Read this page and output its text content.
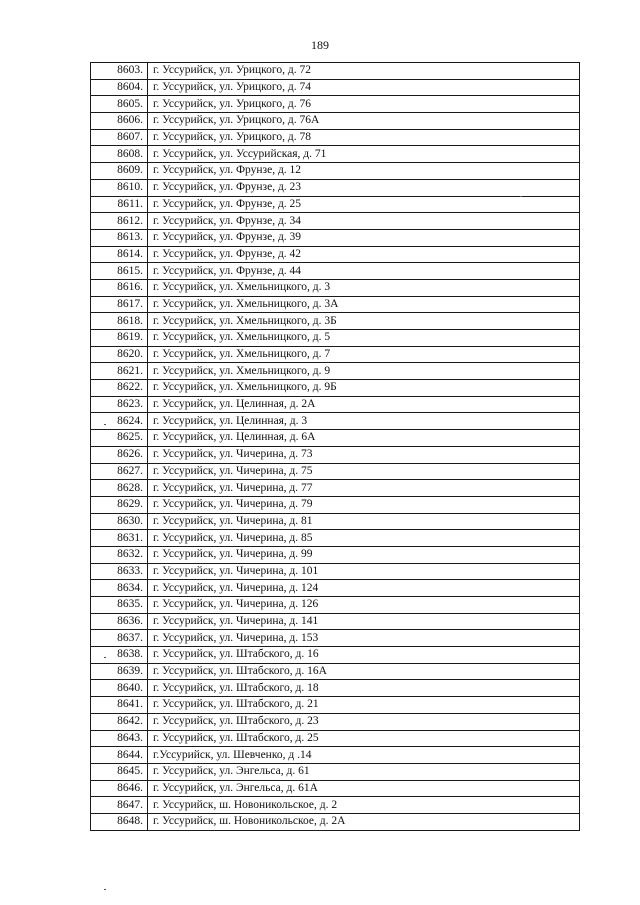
189
8603.	г. Уссурийск, ул. Урицкого, д. 72
8604.	г. Уссурийск, ул. Урицкого, д. 74
8605.	г. Уссурийск, ул. Урицкого, д. 76
8606.	г. Уссурийск, ул. Урицкого, д. 76А
8607.	г. Уссурийск, ул. Урицкого, д. 78
8608.	г. Уссурийск, ул. Уссурийская, д. 71
8609.	г. Уссурийск, ул. Фрунзе, д. 12
8610.	г. Уссурийск, ул. Фрунзе, д. 23
8611.	г. Уссурийск, ул. Фрунзе, д. 25
8612.	г. Уссурийск, ул. Фрунзе, д. 34
8613.	г. Уссурийск, ул. Фрунзе, д. 39
8614.	г. Уссурийск, ул. Фрунзе, д. 42
8615.	г. Уссурийск, ул. Фрунзе, д. 44
8616.	г. Уссурийск, ул. Хмельницкого, д. 3
8617.	г. Уссурийск, ул. Хмельницкого, д. 3А
8618.	г. Уссурийск, ул. Хмельницкого, д. 3Б
8619.	г. Уссурийск, ул. Хмельницкого, д. 5
8620.	г. Уссурийск, ул. Хмельницкого, д. 7
8621.	г. Уссурийск, ул. Хмельницкого, д. 9
8622.	г. Уссурийск, ул. Хмельницкого, д. 9Б
8623.	г. Уссурийск, ул. Целинная, д. 2А
8624.	г. Уссурийск, ул. Целинная, д. 3
8625.	г. Уссурийск, ул. Целинная, д. 6А
8626.	г. Уссурийск, ул. Чичерина, д. 73
8627.	г. Уссурийск, ул. Чичерина, д. 75
8628.	г. Уссурийск, ул. Чичерина, д. 77
8629.	г. Уссурийск, ул. Чичерина, д. 79
8630.	г. Уссурийск, ул. Чичерина, д. 81
8631.	г. Уссурийск, ул. Чичерина, д. 85
8632.	г. Уссурийск, ул. Чичерина, д. 99
8633.	г. Уссурийск, ул. Чичерина, д. 101
8634.	г. Уссурийск, ул. Чичерина, д. 124
8635.	г. Уссурийск, ул. Чичерина, д. 126
8636.	г. Уссурийск, ул. Чичерина, д. 141
8637.	г. Уссурийск, ул. Чичерина, д. 153
8638.	г. Уссурийск, ул. Штабского, д. 16
8639.	г. Уссурийск, ул. Штабского, д. 16А
8640.	г. Уссурийск, ул. Штабского, д. 18
8641.	г. Уссурийск, ул. Штабского, д. 21
8642.	г. Уссурийск, ул. Штабского, д. 23
8643.	г. Уссурийск, ул. Штабского, д. 25
8644.	г.Уссурийск, ул. Шевченко, д .14
8645.	г. Уссурийск, ул. Энгельса, д. 61
8646.	г. Уссурийск, ул. Энгельса, д. 61А
8647.	г. Уссурийск, ш. Новоникольское, д. 2
8648.	г. Уссурийск, ш. Новоникольское, д. 2А
